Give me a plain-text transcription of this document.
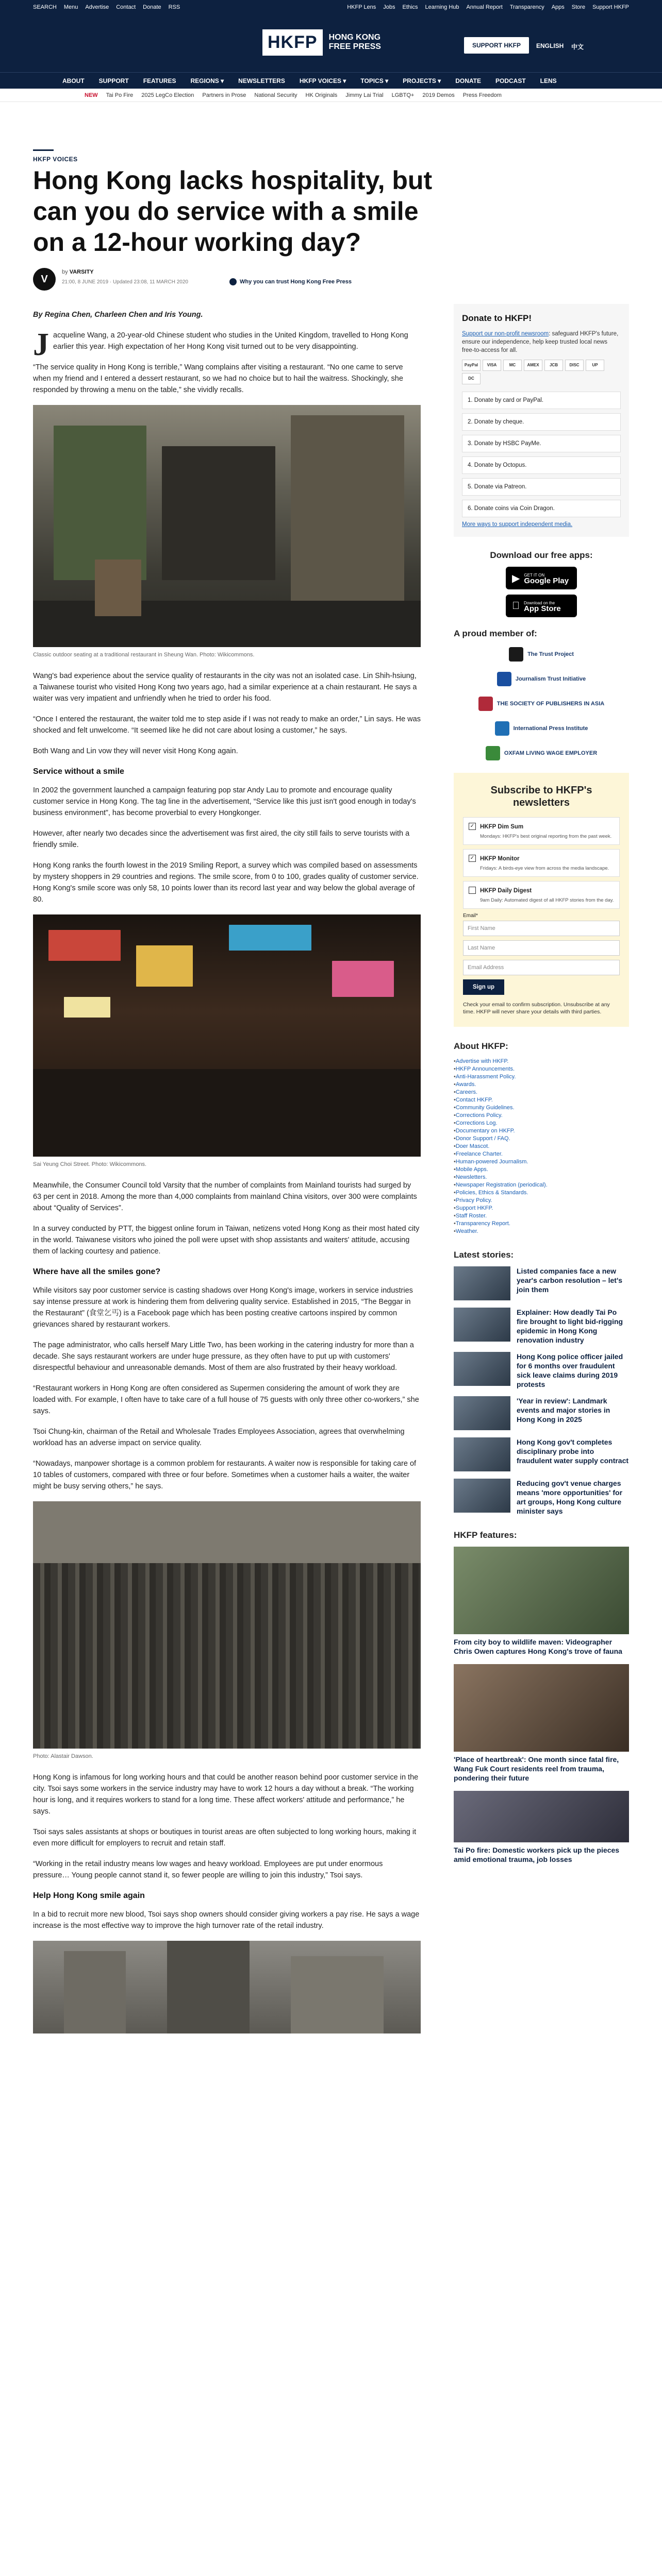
SEARCH Menu Advertise Contact Donate RSS	HKFP Lens Jobs Ethics Learning Hub Annual Report Transparency Apps Store Support HKFP
HKFP	HONG KONG
FREE PRESS	SUPPORT HKFP	ENGLISH 中文
ABOUT SUPPORT FEATURES REGIONS ▾ NEWSLETTERS HKFP VOICES ▾ TOPICS ▾ PROJECTS ▾ DONATE PODCAST LENS
NEW Tai Po Fire 2025 LegCo Election Partners in Prose National Security HK Originals Jimmy Lai Trial LGBTQ+ 2019 Demos Press Freedom
HKFP VOICES
Hong Kong lacks hospitality, but can you do service with a smile on a 12-hour working day?
V
by VARSITY
21:00, 8 JUNE 2019 · Updated 23:08, 11 MARCH 2020	Why you can trust Hong Kong Free Press

By Regina Chen, Charleen Chen and Iris Young.

Jacqueline Wang, a 20-year-old Chinese student who studies in the United Kingdom, travelled to Hong Kong earlier this year. High expectation of her Hong Kong visit turned out to be very disappointing.

“The service quality in Hong Kong is terrible,” Wang complains after visiting a restaurant. “No one came to serve when my friend and I entered a dessert restaurant, so we had no choice but to hail the waitress. Shockingly, she responded by throwing a menu on the table,” she vividly recalls.

Classic outdoor seating at a traditional restaurant in Sheung Wan. Photo: Wikicommons.

Wang's bad experience about the service quality of restaurants in the city was not an isolated case. Lin Shih-hsiung, a Taiwanese tourist who visited Hong Kong two years ago, had a similar experience at a chain restaurant. He says a waiter was very impatient and unfriendly when he tried to order his food.

“Once I entered the restaurant, the waiter told me to step aside if I was not ready to make an order,” Lin says. He was shocked and felt unwelcome. “It seemed like he did not care about losing a customer,” he says.

Both Wang and Lin vow they will never visit Hong Kong again.

Service without a smile

In 2002 the government launched a campaign featuring pop star Andy Lau to promote and encourage quality customer service in Hong Kong. The tag line in the advertisement, “Service like this just isn't good enough in today's business environment”, has become proverbial to every Hongkonger.

However, after nearly two decades since the advertisement was first aired, the city still fails to serve tourists with a friendly smile.

Hong Kong ranks the fourth lowest in the 2019 Smiling Report, a survey which was compiled based on assessments by mystery shoppers in 29 countries and regions. The smile score, from 0 to 100, grades quality of customer service. Hong Kong's smile score was only 58, 10 points lower than its record last year and way below the global average of 80.

Sai Yeung Choi Street. Photo: Wikicommons.

Meanwhile, the Consumer Council told Varsity that the number of complaints from Mainland tourists had surged by 63 per cent in 2018. Among the more than 4,000 complaints from mainland China visitors, over 300 were complaints about “Quality of Services”.

In a survey conducted by PTT, the biggest online forum in Taiwan, netizens voted Hong Kong as their most hated city in the world. Taiwanese visitors who joined the poll were upset with shop assistants and waiters' attitude, accusing them of lacking courtesy and patience.

Where have all the smiles gone?

While visitors say poor customer service is casting shadows over Hong Kong's image, workers in service industries say intense pressure at work is hindering them from delivering quality service. Established in 2015, “The Beggar in the Restaurant” (食堂乞丐) is a Facebook page which has been posting creative cartoons inspired by common grievances shared by restaurant workers.

The page administrator, who calls herself Mary Little Two, has been working in the catering industry for more than a decade. She says restaurant workers are under huge pressure, as they often have to put up with customers' disrespectful behaviour and unreasonable demands. Most of them are also frustrated by their heavy workload.

“Restaurant workers in Hong Kong are often considered as Supermen considering the amount of work they are loaded with. For example, I often have to take care of a full house of 75 guests with only three other co-workers,” she says.

Tsoi Chung-kin, chairman of the Retail and Wholesale Trades Employees Association, agrees that overwhelming workload has an adverse impact on service quality.

“Nowadays, manpower shortage is a common problem for restaurants. A waiter now is responsible for taking care of 10 tables of customers, compared with three or four before. Sometimes when a customer hails a waiter, the waiter might be busy serving others,” he says.

Photo: Alastair Dawson.

Hong Kong is infamous for long working hours and that could be another reason behind poor customer service in the city. Tsoi says some workers in the service industry may have to work 12 hours a day without a break. “The working hour is long, and it requires workers to stand for a long time. These affect workers' attitude and performance,” he says.

Tsoi says sales assistants at shops or boutiques in tourist areas are often subjected to long working hours, making it even more difficult for employers to recruit and retain staff.

“Working in the retail industry means low wages and heavy workload. Employees are put under enormous pressure… Young people cannot stand it, so fewer people are willing to join this industry,” Tsoi says.

Help Hong Kong smile again

In a bid to recruit more new blood, Tsoi says shop owners should consider giving workers a pay rise. He says a wage increase is the most effective way to improve the high turnover rate of the retail industry.

Donate to HKFP!
Support our non-profit newsroom: safeguard HKFP's future, ensure our independence, help keep trusted local news free-to-access for all.
PayPal	VISA	MC	AMEX	JCB	DISC	UP
DC
1. Donate by card or PayPal.
2. Donate by cheque.
3. Donate by HSBC PayMe.
4. Donate by Octopus.
5. Donate via Patreon.
6. Donate coins via Coin Dragon.
More ways to support independent media.
Download our free apps:
▶ GET IT ON
Google Play
Download on the
App Store
A proud member of:
The Trust Project
Journalism Trust Initiative
THE SOCIETY OF PUBLISHERS IN ASIA
International Press Institute
OXFAM LIVING WAGE EMPLOYER
Subscribe to HKFP's newsletters
✓ HKFP Dim Sum
Mondays: HKFP's best original reporting from the past week.
✓ HKFP Monitor
Fridays: A birds-eye view from across the media landscape.
HKFP Daily Digest
9am Daily: Automated digest of all HKFP stories from the day.
Email*
First Name
Last Name
Email Address
Sign up
Check your email to confirm subscription. Unsubscribe at any time. HKFP will never share your details with third parties.
About HKFP:
• Advertise with HKFP.
• HKFP Announcements.
• Anti-Harassment Policy.
• Awards.
• Careers.
• Contact HKFP.
• Community Guidelines.
• Corrections Policy.
• Corrections Log.
• Documentary on HKFP.
• Donor Support / FAQ.
• Doer Mascot.
• Freelance Charter.
• Human-powered Journalism.
• Mobile Apps.
• Newsletters.
• Newspaper Registration (periodical).
• Policies, Ethics & Standards.
• Privacy Policy.
• Support HKFP.
• Staff Roster.
• Transparency Report.
• Weather.
Latest stories:
Listed companies face a new year's carbon resolution – let's join them
Explainer: How deadly Tai Po fire brought to light bid-rigging epidemic in Hong Kong renovation industry
Hong Kong police officer jailed for 6 months over fraudulent sick leave claims during 2019 protests
'Year in review': Landmark events and major stories in Hong Kong in 2025
Hong Kong gov't completes disciplinary probe into fraudulent water supply contract
Reducing gov't venue charges means 'more opportunities' for art groups, Hong Kong culture minister says
HKFP features:
From city boy to wildlife maven: Videographer Chris Owen captures Hong Kong's trove of fauna
'Place of heartbreak': One month since fatal fire, Wang Fuk Court residents reel from trauma, pondering their future
Tai Po fire: Domestic workers pick up the pieces amid emotional trauma, job losses
